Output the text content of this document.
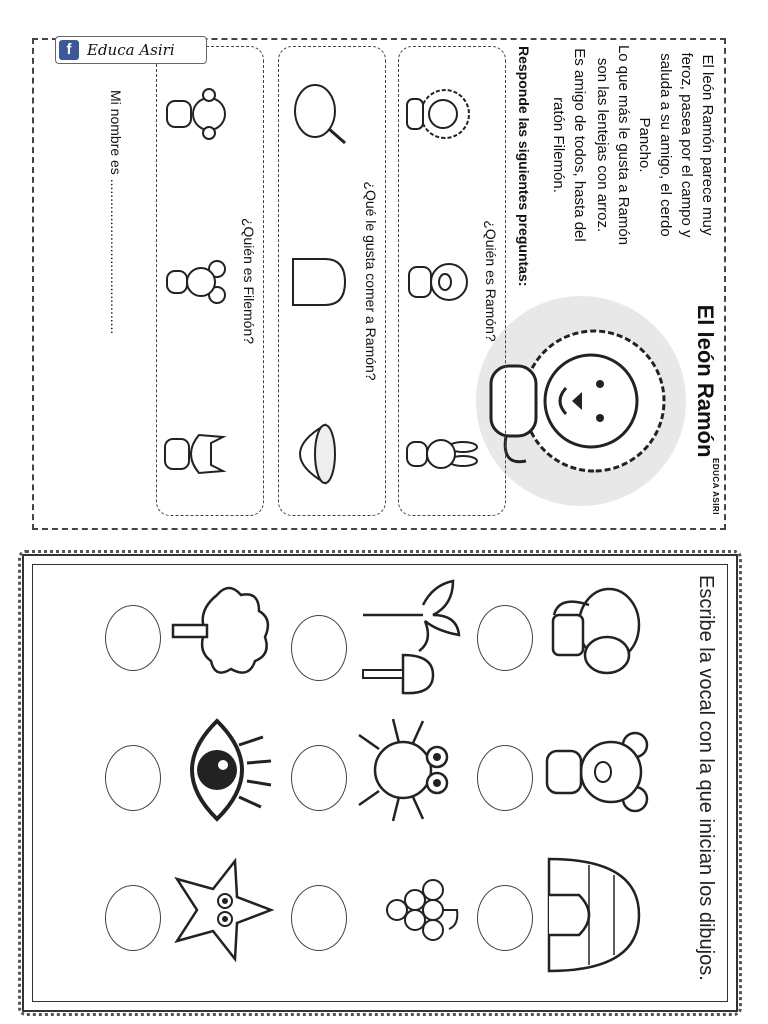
El león Ramón
EDUCA ASIRI

El león Ramón parece muy feroz, pasea por el campo y saluda a su amigo, el cerdo Pancho.

Lo que más le gusta a Ramón son las lentejas con arroz.

Es amigo de todos, hasta del ratón Filemón.

Responde las siguientes preguntas:
¿Quién es Ramón?
¿Qué le gusta comer a Ramón?
¿Quién es Filemón?
Mi nombre es ........................................
f	Educa Asiri
Escribe la vocal con la que inician los dibujos.
